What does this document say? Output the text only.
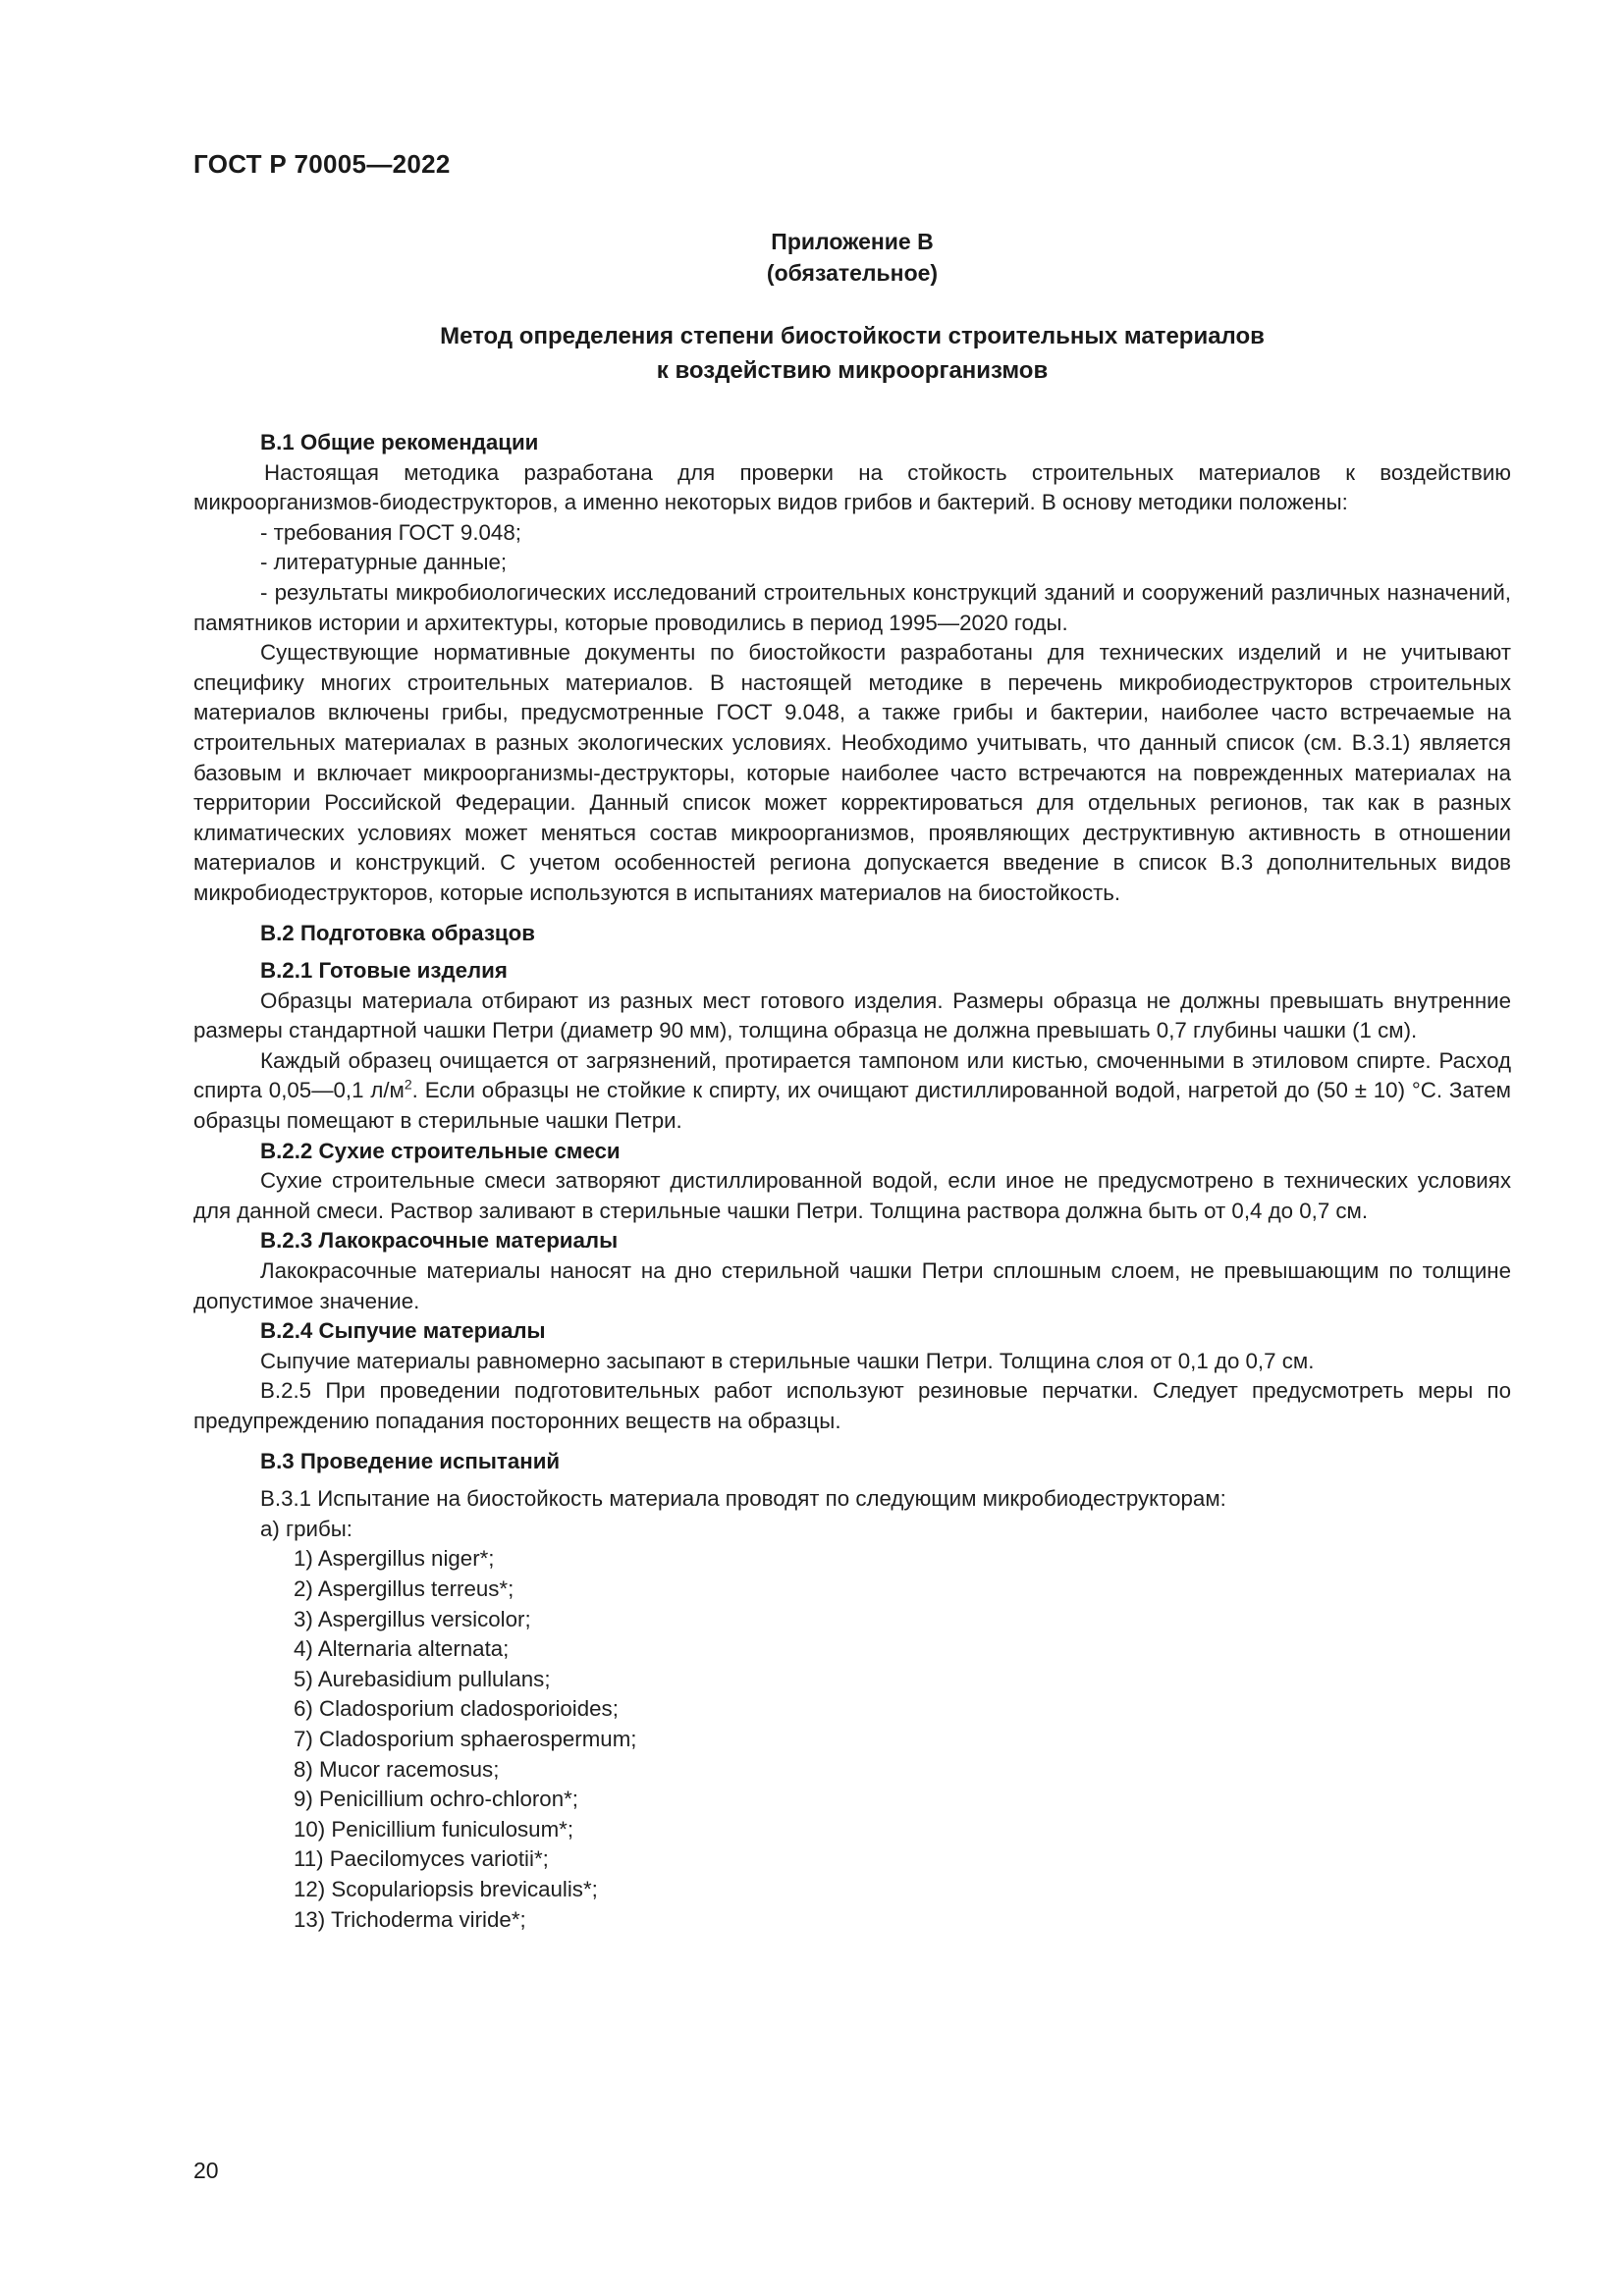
ГОСТ Р 70005—2022
Приложение В
(обязательное)
Метод определения степени биостойкости строительных материалов
к воздействию микроорганизмов

В.1 Общие рекомендации

Настоящая методика разработана для проверки на стойкость строительных материалов к воздействию микроорганизмов-биодеструкторов, а именно некоторых видов грибов и бактерий. В основу методики положены:

- требования ГОСТ 9.048;

- литературные данные;

- результаты микробиологических исследований строительных конструкций зданий и сооружений различных назначений, памятников истории и архитектуры, которые проводились в период 1995—2020 годы.

Существующие нормативные документы по биостойкости разработаны для технических изделий и не учитывают специфику многих строительных материалов. В настоящей методике в перечень микробиодеструкторов строительных материалов включены грибы, предусмотренные ГОСТ 9.048, а также грибы и бактерии, наиболее часто встречаемые на строительных материалах в разных экологических условиях. Необходимо учитывать, что данный список (см. В.3.1) является базовым и включает микроорганизмы-деструкторы, которые наиболее часто встречаются на поврежденных материалах на территории Российской Федерации. Данный список может корректироваться для отдельных регионов, так как в разных климатических условиях может меняться состав микроорганизмов, проявляющих деструктивную активность в отношении материалов и конструкций. С учетом особенностей региона допускается введение в список В.3 дополнительных видов микробиодеструкторов, которые используются в испытаниях материалов на биостойкость.

В.2 Подготовка образцов

В.2.1 Готовые изделия

Образцы материала отбирают из разных мест готового изделия. Размеры образца не должны превышать внутренние размеры стандартной чашки Петри (диаметр 90 мм), толщина образца не должна превышать 0,7 глубины чашки (1 см).

Каждый образец очищается от загрязнений, протирается тампоном или кистью, смоченными в этиловом спирте. Расход спирта 0,05—0,1 $л/м^2$. Если образцы не стойкие к спирту, их очищают дистиллированной водой, нагретой до (50 ± 10) °С. Затем образцы помещают в стерильные чашки Петри.

В.2.2 Сухие строительные смеси

Сухие строительные смеси затворяют дистиллированной водой, если иное не предусмотрено в технических условиях для данной смеси. Раствор заливают в стерильные чашки Петри. Толщина раствора должна быть от 0,4 до 0,7 см.

В.2.3 Лакокрасочные материалы

Лакокрасочные материалы наносят на дно стерильной чашки Петри сплошным слоем, не превышающим по толщине допустимое значение.

В.2.4 Сыпучие материалы

Сыпучие материалы равномерно засыпают в стерильные чашки Петри. Толщина слоя от 0,1 до 0,7 см.

В.2.5 При проведении подготовительных работ используют резиновые перчатки. Следует предусмотреть меры по предупреждению попадания посторонних веществ на образцы.

В.3 Проведение испытаний

В.3.1 Испытание на биостойкость материала проводят по следующим микробиодеструкторам:

а) грибы:

1) Aspergillus niger*;

2) Aspergillus terreus*;

3) Aspergillus versicolor;

4) Alternaria alternata;

5) Aurebasidium pullulans;

6) Cladosporium cladosporioides;

7) Cladosporium sphaerospermum;

8) Mucor racemosus;

9) Penicillium ochro-chloron*;

10) Penicillium funiculosum*;

11) Paecilomyces variotii*;

12) Scopulariopsis brevicaulis*;

13) Trichoderma viride*;

20
